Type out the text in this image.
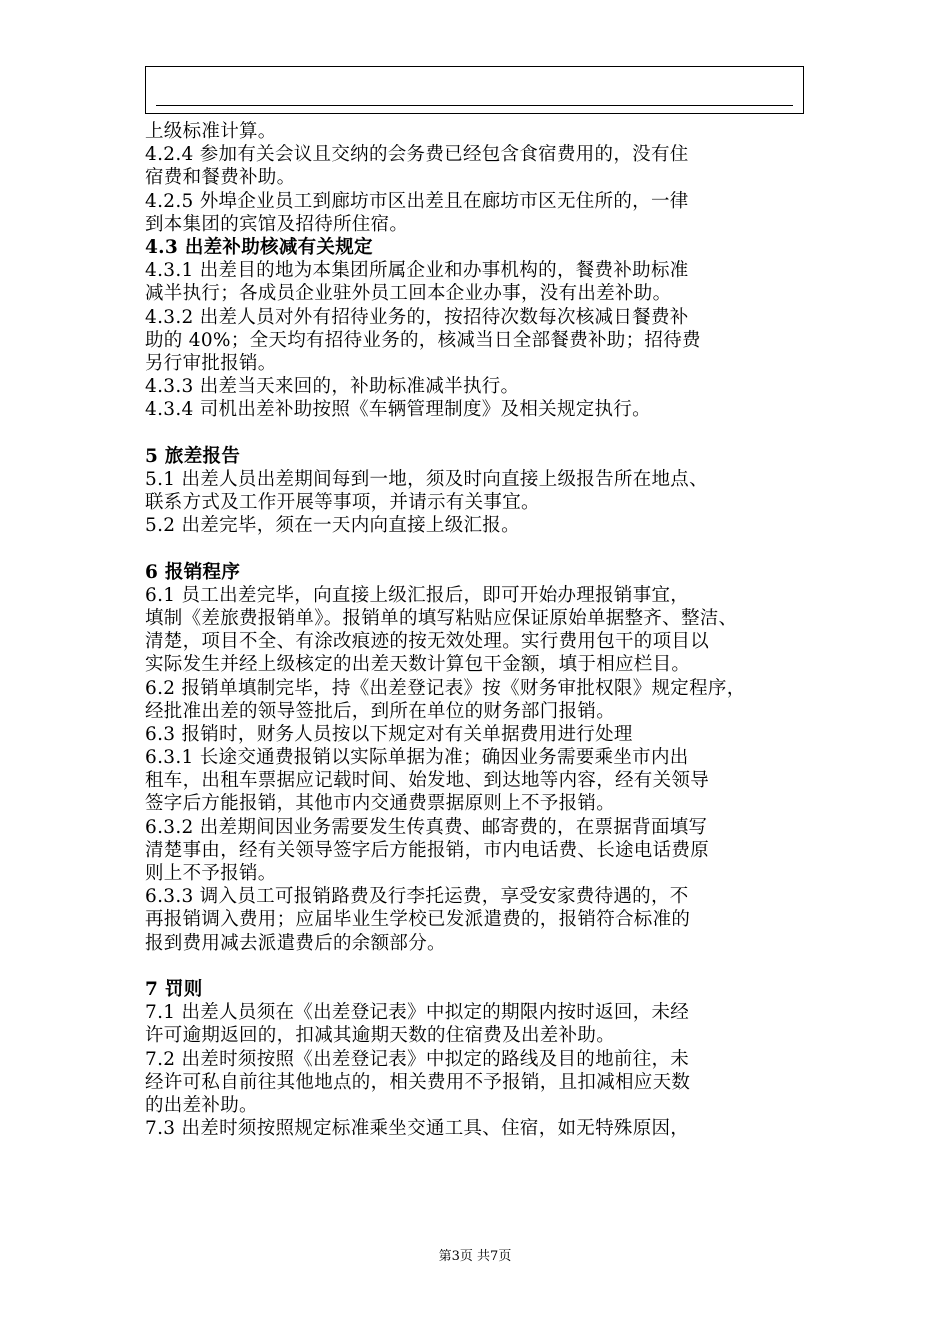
上级标准计算。
4.2.4 参加有关会议且交纳的会务费已经包含食宿费用的，没有住
宿费和餐费补助。
4.2.5 外埠企业员工到廊坊市区出差且在廊坊市区无住所的，一律
到本集团的宾馆及招待所住宿。
4.3 出差补助核减有关规定
4.3.1 出差目的地为本集团所属企业和办事机构的，餐费补助标准
减半执行；各成员企业驻外员工回本企业办事，没有出差补助。
4.3.2 出差人员对外有招待业务的，按招待次数每次核减日餐费补
助的 40%；全天均有招待业务的，核减当日全部餐费补助；招待费
另行审批报销。
4.3.3 出差当天来回的，补助标准减半执行。
4.3.4 司机出差补助按照《车辆管理制度》及相关规定执行。
5 旅差报告
5.1 出差人员出差期间每到一地，须及时向直接上级报告所在地点、
联系方式及工作开展等事项，并请示有关事宜。
5.2 出差完毕，须在一天内向直接上级汇报。
6 报销程序
6.1 员工出差完毕，向直接上级汇报后，即可开始办理报销事宜，
填制《差旅费报销单》。报销单的填写粘贴应保证原始单据整齐、整洁、
清楚，项目不全、有涂改痕迹的按无效处理。实行费用包干的项目以
实际发生并经上级核定的出差天数计算包干金额，填于相应栏目。
6.2 报销单填制完毕，持《出差登记表》按《财务审批权限》规定程序，
经批准出差的领导签批后，到所在单位的财务部门报销。
6.3 报销时，财务人员按以下规定对有关单据费用进行处理
6.3.1 长途交通费报销以实际单据为准；确因业务需要乘坐市内出
租车，出租车票据应记载时间、始发地、到达地等内容，经有关领导
签字后方能报销，其他市内交通费票据原则上不予报销。
6.3.2 出差期间因业务需要发生传真费、邮寄费的，在票据背面填写
清楚事由，经有关领导签字后方能报销，市内电话费、长途电话费原
则上不予报销。
6.3.3 调入员工可报销路费及行李托运费，享受安家费待遇的，不
再报销调入费用；应届毕业生学校已发派遣费的，报销符合标准的
报到费用减去派遣费后的余额部分。
7 罚则
7.1 出差人员须在《出差登记表》中拟定的期限内按时返回，未经
许可逾期返回的，扣减其逾期天数的住宿费及出差补助。
7.2 出差时须按照《出差登记表》中拟定的路线及目的地前往，未
经许可私自前往其他地点的，相关费用不予报销，且扣减相应天数
的出差补助。
7.3 出差时须按照规定标准乘坐交通工具、住宿，如无特殊原因，
第3页 共7页
